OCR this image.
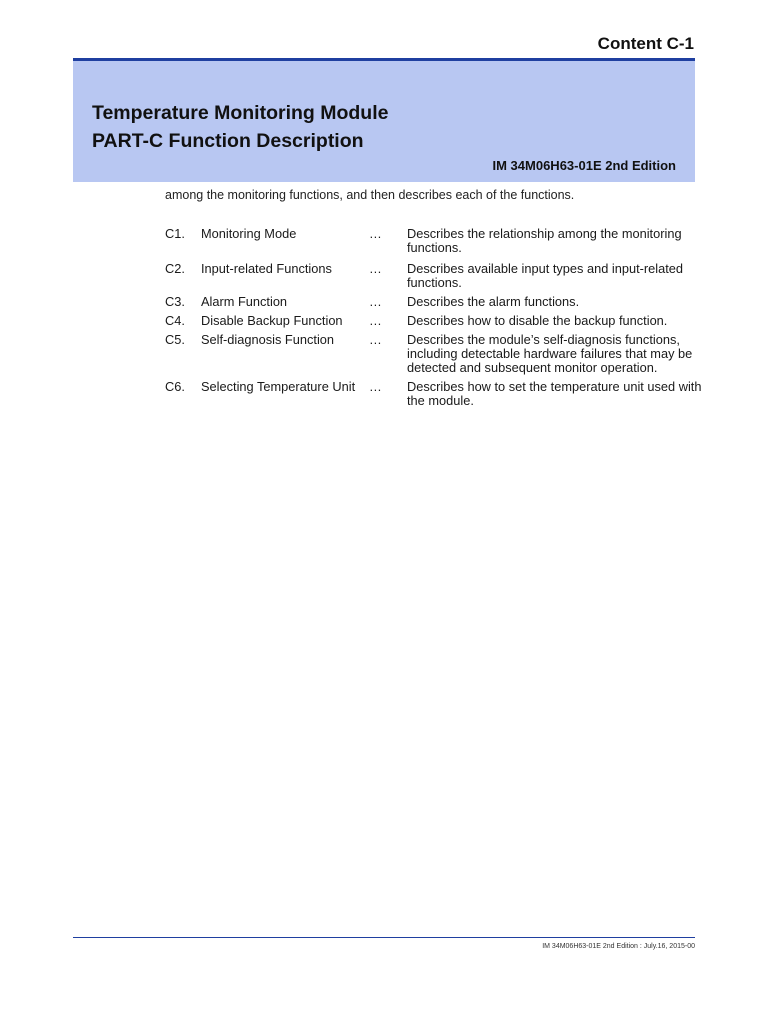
Content C-1
among the monitoring functions, and then describes each of the functions.
Temperature Monitoring Module
PART-C Function Description
IM 34M06H63-01E 2nd Edition
C1.	Monitoring Mode	…	Describes the relationship among the monitoring functions.
C2.	Input-related Functions	…	Describes available input types and input-related functions.
C3.	Alarm Function	…	Describes the alarm functions.
C4.	Disable Backup Function	…	Describes how to disable the backup function.
C5.	Self-diagnosis Function	…	Describes the module’s self-diagnosis functions, including detectable hardware failures that may be detected and subsequent monitor operation.
C6.	Selecting Temperature Unit	…	Describes how to set the temperature unit used with the module.
IM 34M06H63-01E 2nd Edition : July.16, 2015-00
